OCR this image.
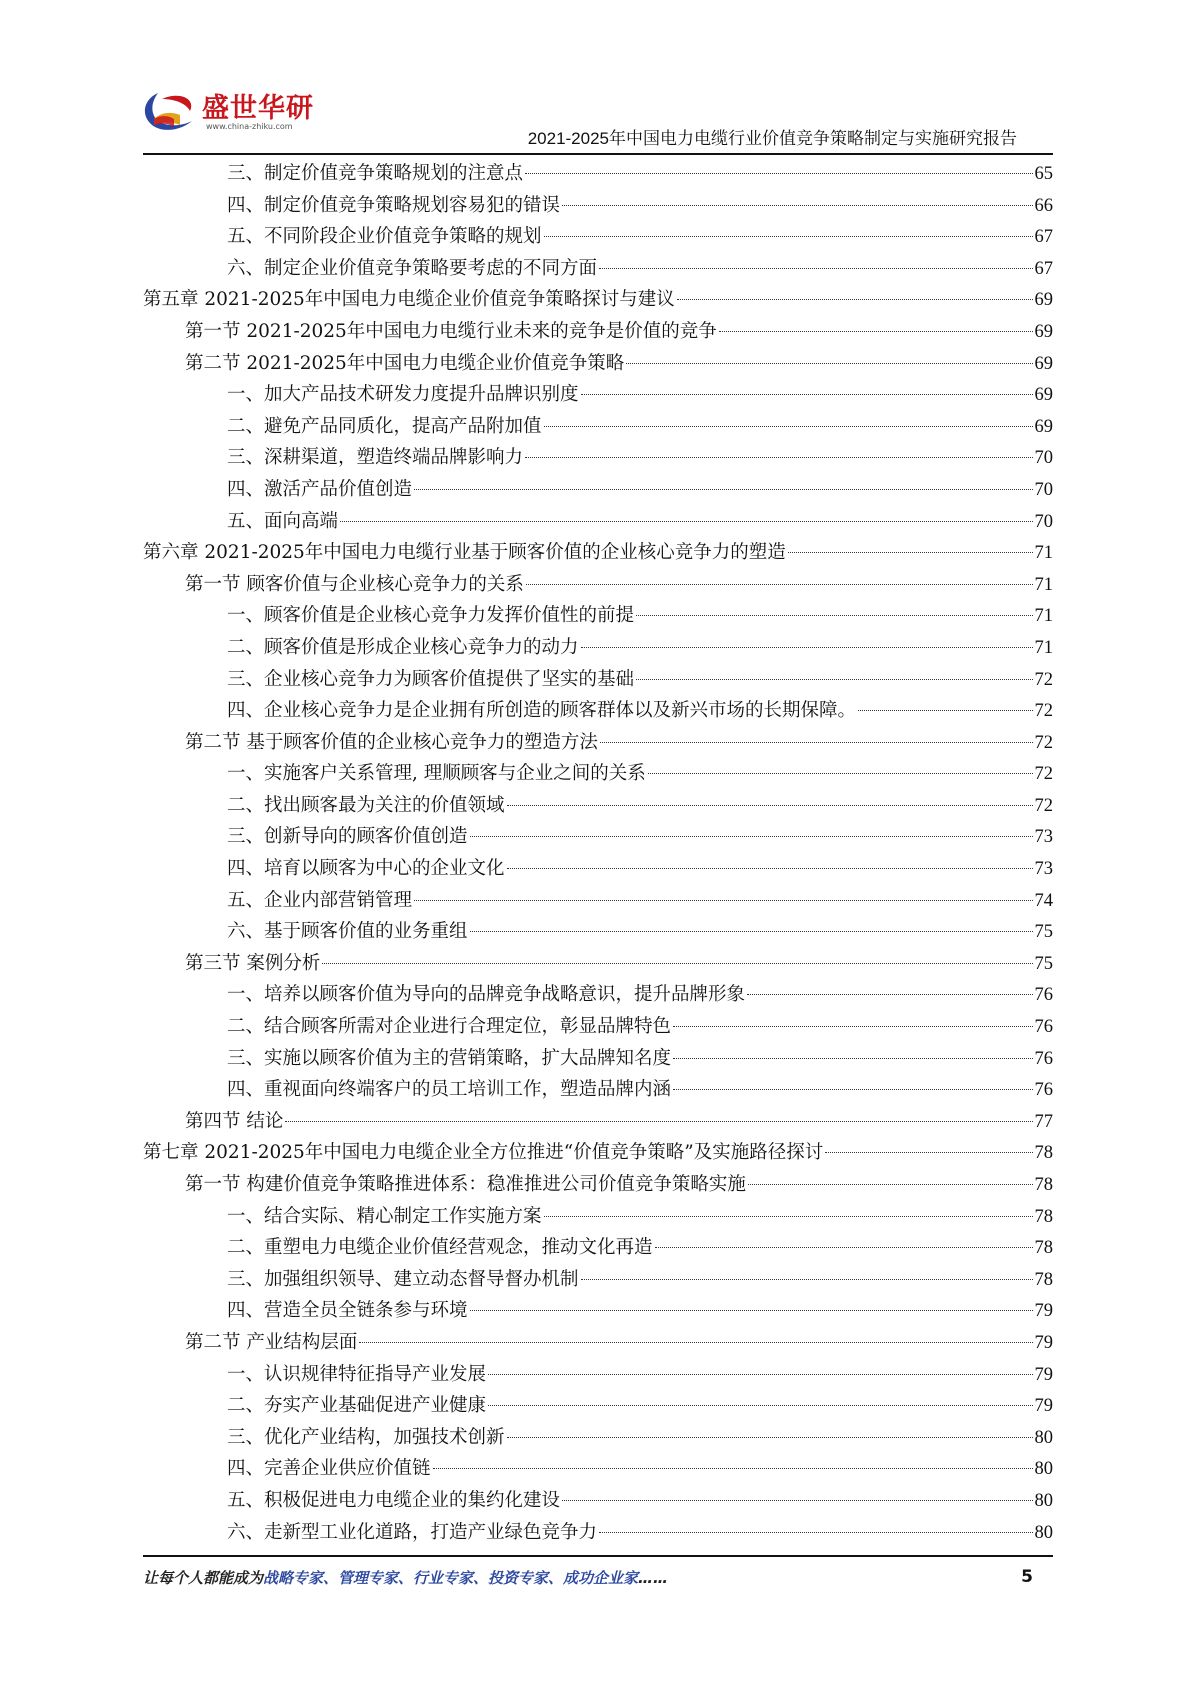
盛世华研
www.china-zhiku.com
2021-2025年中国电力电缆行业价值竞争策略制定与实施研究报告
三、制定价值竞争策略规划的注意点	65
四、制定价值竞争策略规划容易犯的错误	66
五、不同阶段企业价值竞争策略的规划	67
六、制定企业价值竞争策略要考虑的不同方面	67
第五章 2021-2025年中国电力电缆企业价值竞争策略探讨与建议	69
第一节 2021-2025年中国电力电缆行业未来的竞争是价值的竞争	69
第二节 2021-2025年中国电力电缆企业价值竞争策略	69
一、加大产品技术研发力度提升品牌识别度	69
二、避免产品同质化，提高产品附加值	69
三、深耕渠道，塑造终端品牌影响力	70
四、激活产品价值创造	70
五、面向高端	70
第六章 2021-2025年中国电力电缆行业基于顾客价值的企业核心竞争力的塑造	71
第一节 顾客价值与企业核心竞争力的关系	71
一、顾客价值是企业核心竞争力发挥价值性的前提	71
二、顾客价值是形成企业核心竞争力的动力	71
三、企业核心竞争力为顾客价值提供了坚实的基础	72
四、企业核心竞争力是企业拥有所创造的顾客群体以及新兴市场的长期保障。	72
第二节 基于顾客价值的企业核心竞争力的塑造方法	72
一、实施客户关系管理, 理顺顾客与企业之间的关系	72
二、找出顾客最为关注的价值领域	72
三、创新导向的顾客价值创造	73
四、培育以顾客为中心的企业文化	73
五、企业内部营销管理	74
六、基于顾客价值的业务重组	75
第三节 案例分析	75
一、培养以顾客价值为导向的品牌竞争战略意识，提升品牌形象	76
二、结合顾客所需对企业进行合理定位，彰显品牌特色	76
三、实施以顾客价值为主的营销策略，扩大品牌知名度	76
四、重视面向终端客户的员工培训工作，塑造品牌内涵	76
第四节 结论	77
第七章 2021-2025年中国电力电缆企业全方位推进“价值竞争策略”及实施路径探讨	78
第一节 构建价值竞争策略推进体系：稳准推进公司价值竞争策略实施	78
一、结合实际、精心制定工作实施方案	78
二、重塑电力电缆企业价值经营观念，推动文化再造	78
三、加强组织领导、建立动态督导督办机制	78
四、营造全员全链条参与环境	79
第二节 产业结构层面	79
一、认识规律特征指导产业发展	79
二、夯实产业基础促进产业健康	79
三、优化产业结构，加强技术创新	80
四、完善企业供应价值链	80
五、积极促进电力电缆企业的集约化建设	80
六、走新型工业化道路，打造产业绿色竞争力	80
让每个人都能成为战略专家、管理专家、行业专家、投资专家、成功企业家……	5
